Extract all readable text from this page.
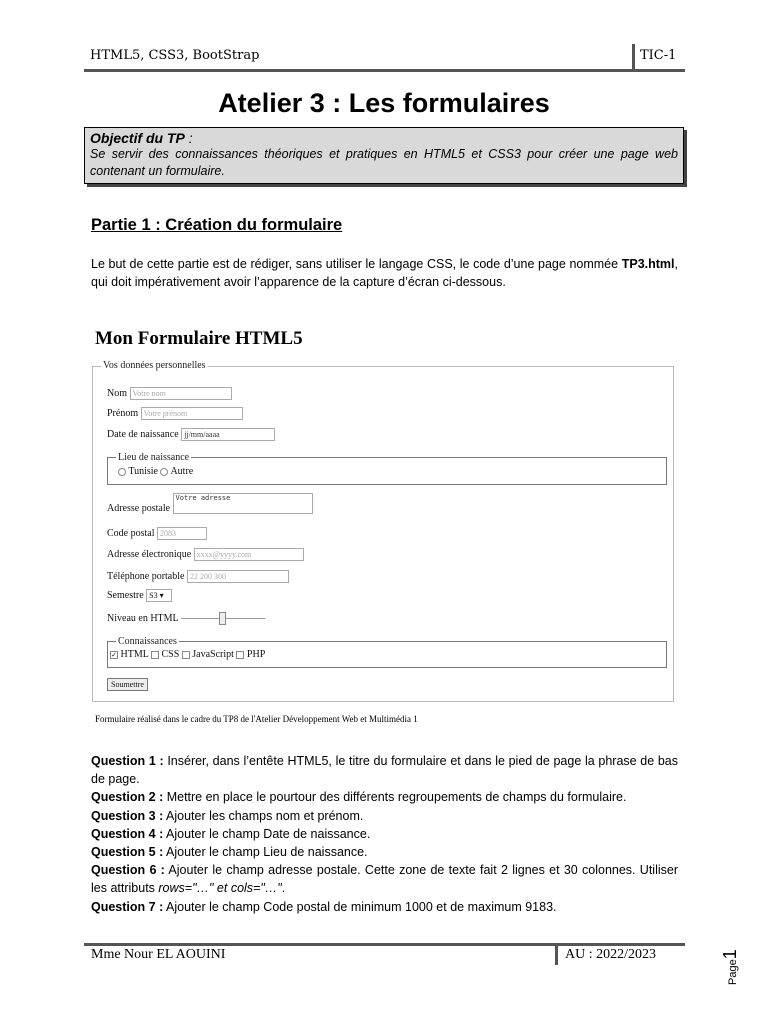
HTML5, CSS3, BootStrap	TIC-1
Atelier 3 : Les formulaires
Objectif du TP :
Se servir des connaissances théoriques et pratiques en HTML5 et CSS3 pour créer une page web contenant un formulaire.
Partie 1 : Création du formulaire
Le but de cette partie est de rédiger, sans utiliser le langage CSS, le code d’une page nommée TP3.html, qui doit impérativement avoir l’apparence de la capture d’écran ci-dessous.
Mon Formulaire HTML5
Vos données personnelles
Nom Votre nom
Prénom Votre prénom
Date de naissance jj/mm/aaaa
Lieu de naissance
Tunisie Autre
Adresse postale Votre adresse
Code postal 2083
Adresse électronique xxxx@yyyy.com
Téléphone portable 22 200 300
Semestre S3 ▾
Niveau en HTML
Connaissances
✓ HTML CSS JavaScript PHP
Soumettre
Formulaire réalisé dans le cadre du TP8 de l'Atelier Développement Web et Multimédia 1

Question 1 : Insérer, dans l’entête HTML5, le titre du formulaire et dans le pied de page la phrase de bas de page.

Question 2 : Mettre en place le pourtour des différents regroupements de champs du formulaire.

Question 3 : Ajouter les champs nom et prénom.

Question 4 : Ajouter le champ Date de naissance.

Question 5 : Ajouter le champ Lieu de naissance.

Question 6 : Ajouter le champ adresse postale. Cette zone de texte fait 2 lignes et 30 colonnes. Utiliser les attributs rows="…" et cols="…".

Question 7 : Ajouter le champ Code postal de minimum 1000 et de maximum 9183.

Mme Nour EL AOUINI	AU : 2022/2023
Page1
